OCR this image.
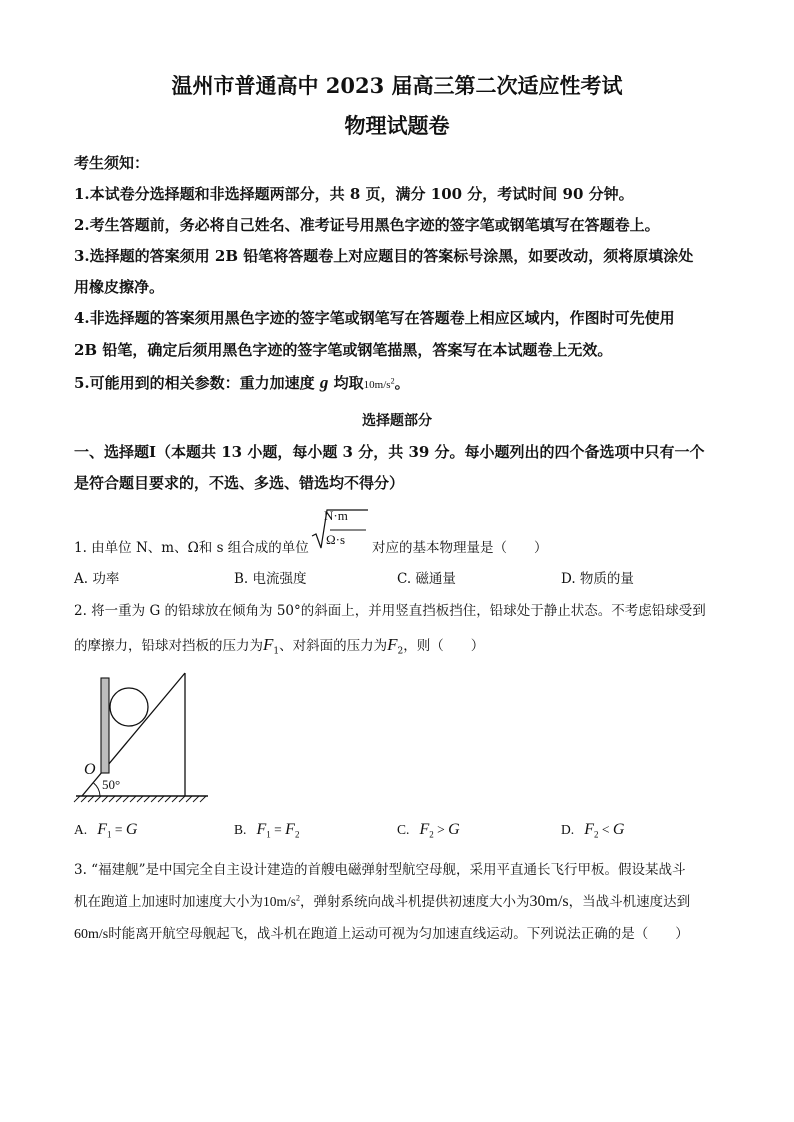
温州市普通高中 2023 届高三第二次适应性考试
物理试题卷
考生须知：
1.本试卷分选择题和非选择题两部分，共 8 页，满分 100 分，考试时间 90 分钟。
2.考生答题前，务必将自己姓名、准考证号用黑色字迹的签字笔或钢笔填写在答题卷上。
3.选择题的答案须用 2B 铅笔将答题卷上对应题目的答案标号涂黑，如要改动，须将原填涂处
用橡皮擦净。
4.非选择题的答案须用黑色字迹的签字笔或钢笔写在答题卷上相应区域内，作图时可先使用
2B 铅笔，确定后须用黑色字迹的签字笔或钢笔描黑，答案写在本试题卷上无效。
5.可能用到的相关参数：重力加速度 g 均取$10m/s^2$。
选择题部分
一、选择题Ⅰ（本题共 13 小题，每小题 3 分，共 39 分。每小题列出的四个备选项中只有一个
是符合题目要求的，不选、多选、错选均不得分）
1. 由单位 N、m、Ω和 s 组合成的单位
N·m
Ω·s
对应的基本物理量是（　　）
A. 功率	B. 电流强度	C. 磁通量	D. 物质的量
2. 将一重为 G 的铅球放在倾角为 50°的斜面上，并用竖直挡板挡住，铅球处于静止状态。不考虑铅球受到
的摩擦力，铅球对挡板的压力为$F_1$、对斜面的压力为$F_2$，则（　　）
O
50°
A. $F_1 = G$	B. $F_1 = F_2$	C. $F_2 > G$	D. $F_2 < G$
3. “福建舰”是中国完全自主设计建造的首艘电磁弹射型航空母舰，采用平直通长飞行甲板。假设某战斗
机在跑道上加速时加速度大小为$10m/s^2$，弹射系统向战斗机提供初速度大小为30m/s，当战斗机速度达到
60m/s时能离开航空母舰起飞，战斗机在跑道上运动可视为匀加速直线运动。下列说法正确的是（　　）
